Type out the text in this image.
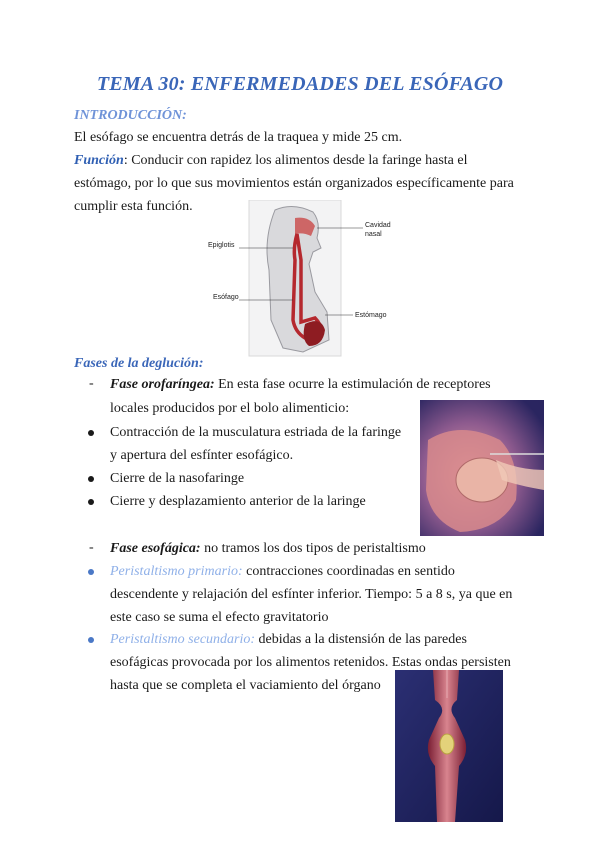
TEMA 30: ENFERMEDADES DEL ESÓFAGO
INTRODUCCIÓN:
El esófago se encuentra detrás de la traquea y mide 25 cm.
Función: Conducir con rapidez los alimentos desde la faringe hasta el
estómago, por lo que sus movimientos están organizados específicamente para
cumplir esta función.
Cavidad
nasal
Epiglotis
Esófago
Estómago
Fases de la deglución:
- Fase orofaríngea: En esta fase ocurre la estimulación de receptores
locales producidos por el bolo alimenticio:
Contracción de la musculatura estriada de la faringe
y apertura del esfínter esofágico.
Cierre de la nasofaringe
Cierre y desplazamiento anterior de la laringe
- Fase esofágica: no tramos los dos tipos de peristaltismo
Peristaltismo primario: contracciones coordinadas en sentido
descendente y relajación del esfínter inferior. Tiempo: 5 a 8 s, ya que en
este caso se suma el efecto gravitatorio
Peristaltismo secundario: debidas a la distensión de las paredes
esofágicas provocada por los alimentos retenidos. Estas ondas persisten
hasta que se completa el vaciamiento del órgano
